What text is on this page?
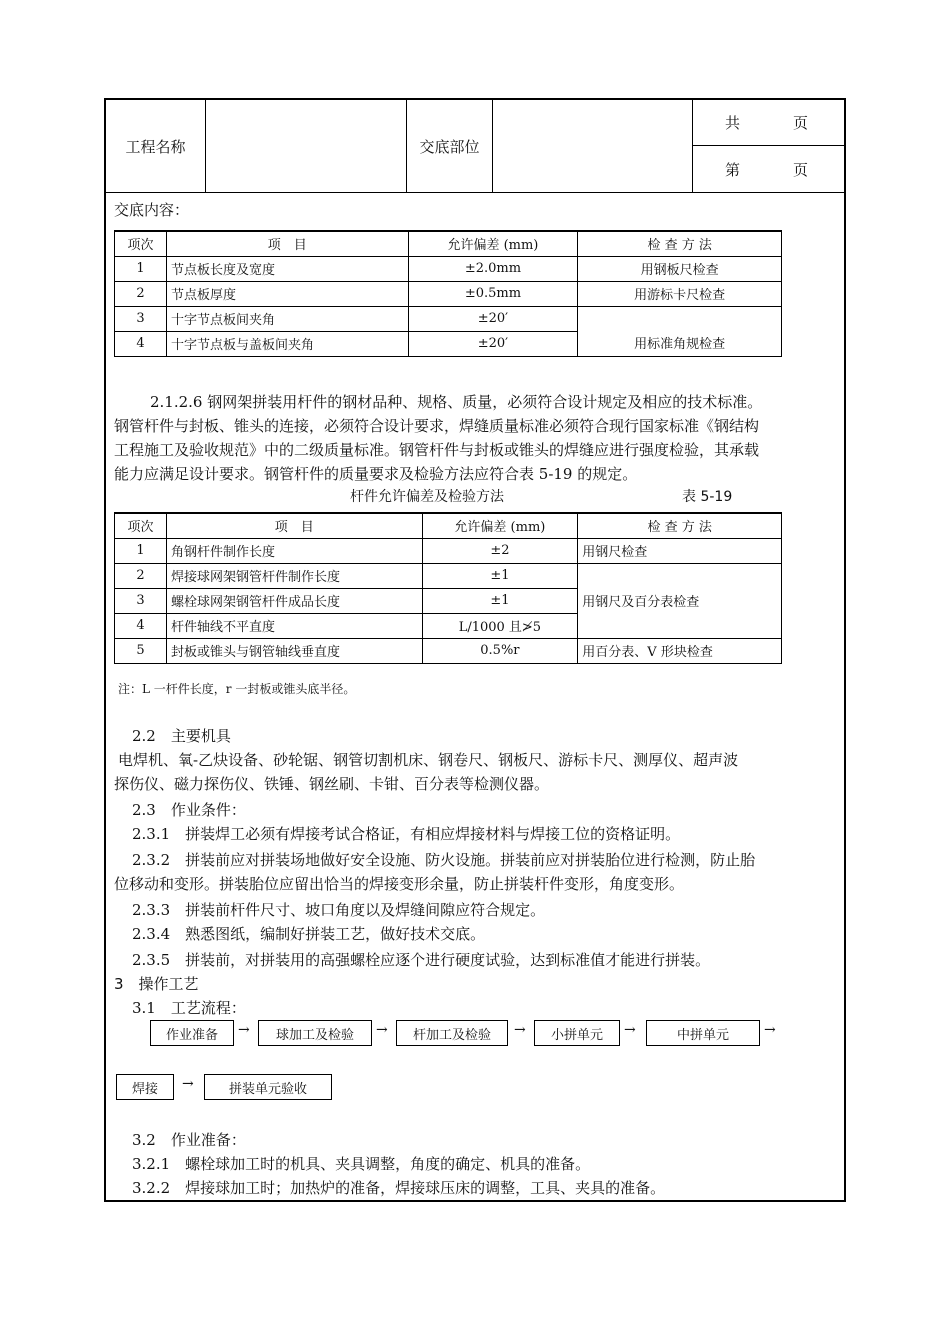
工程名称	交底部位
共	页
第	页
交底内容：
项次	项　目	允许偏差 (mm)	检 查 方 法
1	节点板长度及宽度	±2.0mm	用钢板尺检查
2	节点板厚度	±0.5mm	用游标卡尺检查
3	十字节点板间夹角	±20′	用标准角规检查
4	十字节点板与盖板间夹角	±20′	
2.1.2.6 钢网架拼装用杆件的钢材品种、规格、质量，必须符合设计规定及相应的技术标准。
钢管杆件与封板、锥头的连接，必须符合设计要求，焊缝质量标准必须符合现行国家标准《钢结构
工程施工及验收规范》中的二级质量标准。钢管杆件与封板或锥头的焊缝应进行强度检验，其承载
能力应满足设计要求。钢管杆件的质量要求及检验方法应符合表 5-19 的规定。
杆件允许偏差及检验方法	表 5-19
项次	项　目	允许偏差 (mm)	检 查 方 法
1	角钢杆件制作长度	±2	用钢尺检查
2	焊接球网架钢管杆件制作长度	±1	用钢尺及百分表检查
3	螺栓球网架钢管杆件成品长度	±1	
4	杆件轴线不平直度	L/1000 且≯5	
5	封板或锥头与钢管轴线垂直度	0.5%r	用百分表、V 形块检查
注：L 一杆件长度，r 一封板或锥头底半径。
2.2　主要机具
电焊机、氧-乙炔设备、砂轮锯、钢管切割机床、钢卷尺、钢板尺、游标卡尺、测厚仪、超声波
探伤仪、磁力探伤仪、铁锤、钢丝刷、卡钳、百分表等检测仪器。
2.3　作业条件：
2.3.1　拼装焊工必须有焊接考试合格证，有相应焊接材料与焊接工位的资格证明。
2.3.2　拼装前应对拼装场地做好安全设施、防火设施。拼装前应对拼装胎位进行检测，防止胎
位移动和变形。拼装胎位应留出恰当的焊接变形余量，防止拼装杆件变形，角度变形。
2.3.3　拼装前杆件尺寸、坡口角度以及焊缝间隙应符合规定。
2.3.4　熟悉图纸，编制好拼装工艺，做好技术交底。
2.3.5　拼装前，对拼装用的高强螺栓应逐个进行硬度试验，达到标准值才能进行拼装。
3　操作工艺
3.1　工艺流程：
作业准备	→	球加工及检验	→	杆加工及检验	→	小拼单元	→	中拼单元	→
焊接	→	拼装单元验收
3.2　作业准备：
3.2.1　螺栓球加工时的机具、夹具调整，角度的确定、机具的准备。
3.2.2　焊接球加工时；加热炉的准备，焊接球压床的调整，工具、夹具的准备。
